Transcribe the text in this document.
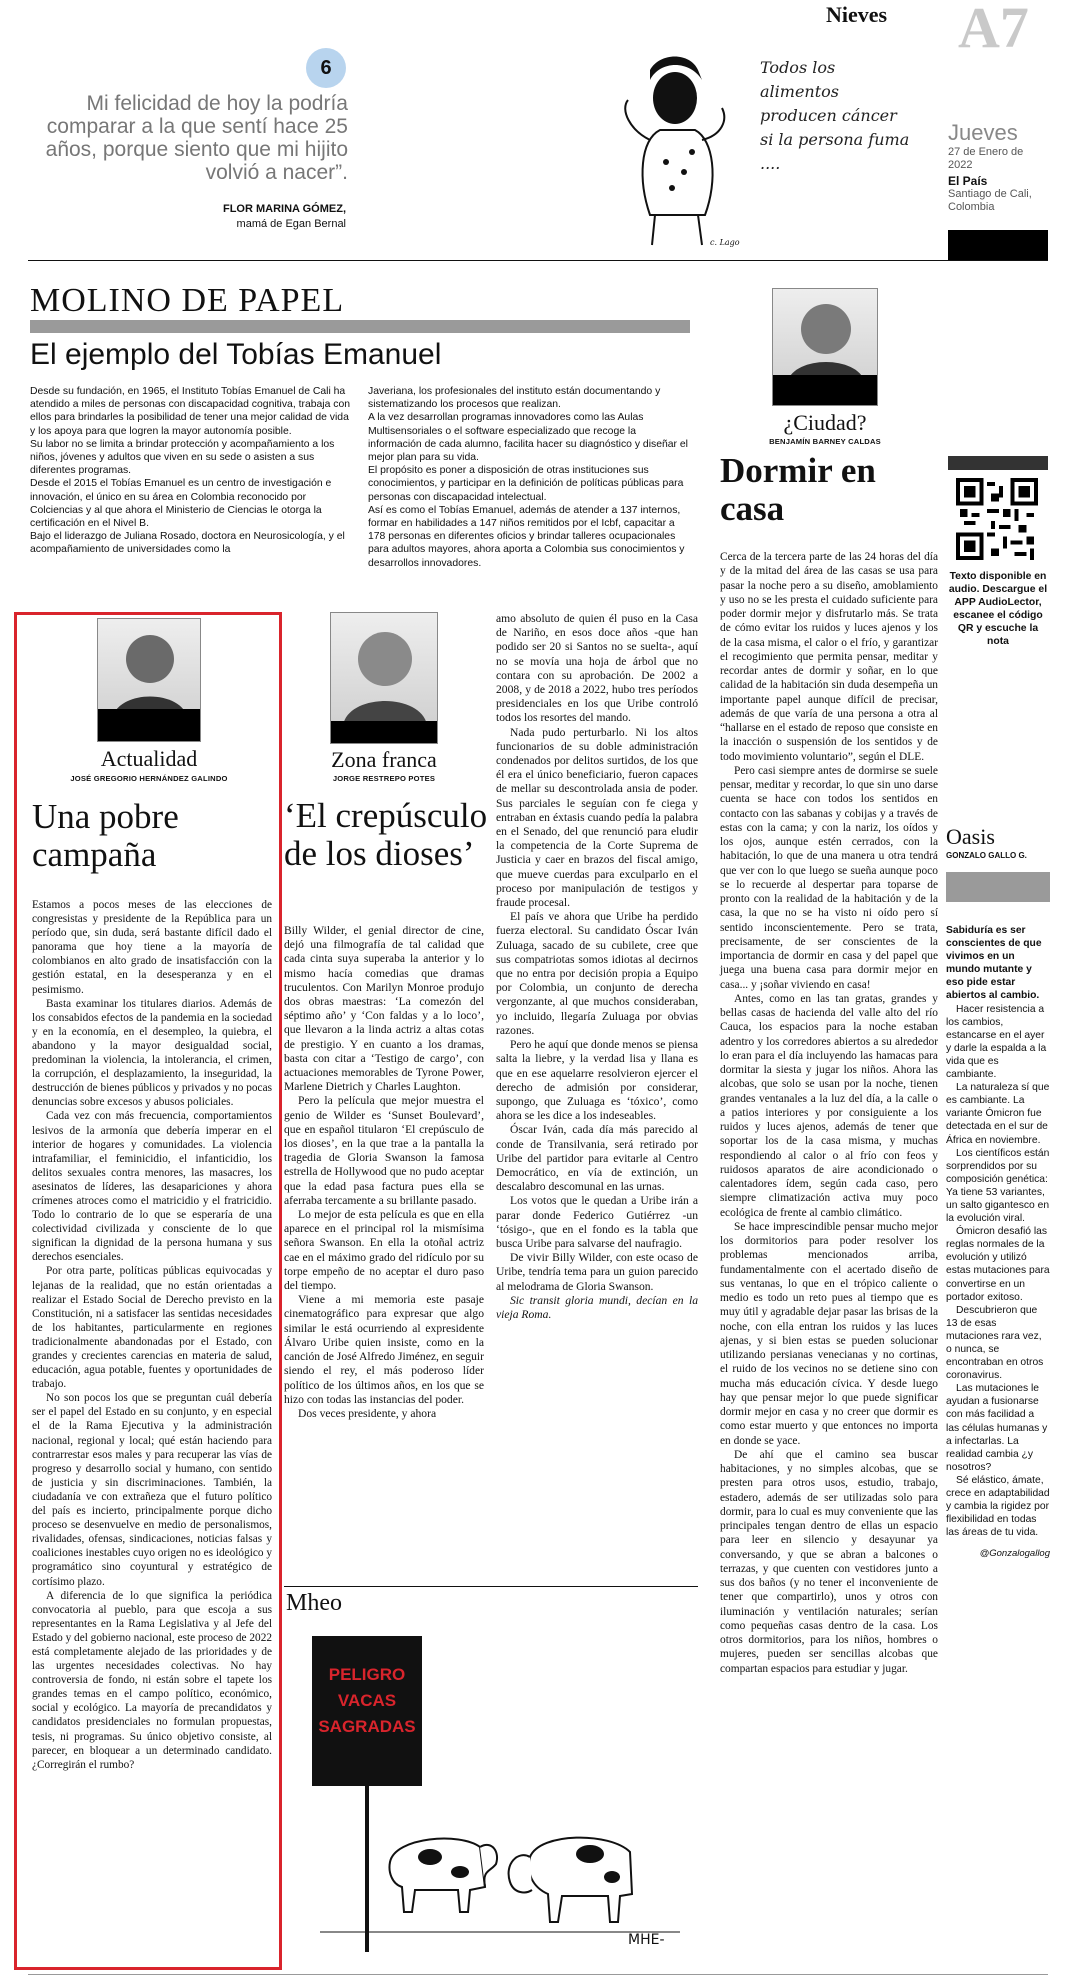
Nieves A7
Jueves
27 de Enero de 2022
El País
Santiago de Cali, Colombia
6
Mi felicidad de hoy la podría comparar a la que sentí hace 25 años, porque siento que mi hijito volvió a nacer”.
FLOR MARINA GÓMEZ,
mamá de Egan Bernal
Todos los alimentos producen cáncer si la persona fuma ....
c. Lago
MOLINO DE PAPEL
El ejemplo del Tobías Emanuel

Desde su fundación, en 1965, el Instituto Tobías Emanuel de Cali ha atendido a miles de personas con discapacidad cognitiva, trabaja con ellos para brindarles la posibilidad de tener una mejor calidad de vida y los apoya para que logren la mayor autonomía posible.

Su labor no se limita a brindar protección y acompañamiento a los niños, jóvenes y adultos que viven en su sede o asisten a sus diferentes programas.

Desde el 2015 el Tobías Emanuel es un centro de investigación e innovación, el único en su área en Colombia reconocido por Colciencias y al que ahora el Ministerio de Ciencias le otorga la certificación en el Nivel B.

Bajo el liderazgo de Juliana Rosado, doctora en Neurosicología, y el acompañamiento de universidades como la

Javeriana, los profesionales del instituto están documentando y sistematizando los procesos que realizan.

A la vez desarrollan programas innovadores como las Aulas Multisensoriales o el software especializado que recoge la información de cada alumno, facilita hacer su diagnóstico y diseñar el mejor plan para su vida.

El propósito es poner a disposición de otras instituciones sus conocimientos, y participar en la definición de políticas públicas para personas con discapacidad intelectual.

Así es como el Tobías Emanuel, además de atender a 137 internos, formar en habilidades a 147 niños remitidos por el Icbf, capacitar a 178 personas en diferentes oficios y brindar talleres ocupacionales para adultos mayores, ahora aporta a Colombia sus conocimientos y desarrollos innovadores.

Actualidad
JOSÉ GREGORIO HERNÁNDEZ GALINDO
Una pobre campaña

Estamos a pocos meses de las elecciones de congresistas y presidente de la República para un período que, sin duda, será bastante difícil dado el panorama que hoy tiene a la mayoría de colombianos en alto grado de insatisfacción con la gestión estatal, en la desesperanza y en el pesimismo.

Basta examinar los titulares diarios. Además de los consabidos efectos de la pandemia en la sociedad y en la economía, en el desempleo, la quiebra, el abandono y la mayor desigualdad social, predominan la violencia, la intolerancia, el crimen, la corrupción, el desplazamiento, la inseguridad, la destrucción de bienes públicos y privados y no pocas denuncias sobre excesos y abusos policiales.

Cada vez con más frecuencia, comportamientos lesivos de la armonía que debería imperar en el interior de hogares y comunidades. La violencia intrafamiliar, el feminicidio, el infanticidio, los delitos sexuales contra menores, las masacres, los asesinatos de líderes, las desapariciones y ahora crímenes atroces como el matricidio y el fratricidio. Todo lo contrario de lo que se esperaría de una colectividad civilizada y consciente de lo que significan la dignidad de la persona humana y sus derechos esenciales.

Por otra parte, políticas públicas equivocadas y lejanas de la realidad, que no están orientadas a realizar el Estado Social de Derecho previsto en la Constitución, ni a satisfacer las sentidas necesidades de los habitantes, particularmente en regiones tradicionalmente abandonadas por el Estado, con grandes y crecientes carencias en materia de salud, educación, agua potable, fuentes y oportunidades de trabajo.

No son pocos los que se preguntan cuál debería ser el papel del Estado en su conjunto, y en especial el de la Rama Ejecutiva y la administración nacional, regional y local; qué están haciendo para contrarrestar esos males y para recuperar las vías de progreso y desarrollo social y humano, con sentido de justicia y sin discriminaciones. También, la ciudadanía ve con extrañeza que el futuro político del país es incierto, principalmente porque dicho proceso se desenvuelve en medio de personalismos, rivalidades, ofensas, sindicaciones, noticias falsas y coaliciones inestables cuyo origen no es ideológico y programático sino coyuntural y estratégico de cortísimo plazo.

A diferencia de lo que significa la periódica convocatoria al pueblo, para que escoja a sus representantes en la Rama Legislativa y al Jefe del Estado y del gobierno nacional, este proceso de 2022 está completamente alejado de las prioridades y de las urgentes necesidades colectivas. No hay controversia de fondo, ni están sobre el tapete los grandes temas en el campo político, económico, social y ecológico. La mayoría de precandidatos y candidatos presidenciales no formulan propuestas, tesis, ni programas. Su único objetivo consiste, al parecer, en bloquear a un determinado candidato. ¿Corregirán el rumbo?

Zona franca
JORGE RESTREPO POTES
‘El crepúsculo de los dioses’

Billy Wilder, el genial director de cine, dejó una filmografía de tal calidad que cada cinta suya superaba la anterior y lo mismo hacía comedias que dramas truculentos. Con Marilyn Monroe produjo dos obras maestras: ‘La comezón del séptimo año’ y ‘Con faldas y a lo loco’, que llevaron a la linda actriz a altas cotas de prestigio. Y en cuanto a los dramas, basta con citar a ‘Testigo de cargo’, con actuaciones memorables de Tyrone Power, Marlene Dietrich y Charles Laughton.

Pero la película que mejor muestra el genio de Wilder es ‘Sunset Boulevard’, que en español titularon ‘El crepúsculo de los dioses’, en la que trae a la pantalla la tragedia de Gloria Swanson la famosa estrella de Hollywood que no pudo aceptar que la edad pasa factura pues ella se aferraba tercamente a su brillante pasado.

Lo mejor de esta película es que en ella aparece en el principal rol la mismísima señora Swanson. En ella la otoñal actriz cae en el máximo grado del ridículo por su torpe empeño de no aceptar el duro paso del tiempo.

Viene a mi memoria este pasaje cinematográfico para expresar que algo similar le está ocurriendo al expresidente Álvaro Uribe quien insiste, como en la canción de José Alfredo Jiménez, en seguir siendo el rey, el más poderoso líder político de los últimos años, en los que se hizo con todas las instancias del poder.

Dos veces presidente, y ahora

amo absoluto de quien él puso en la Casa de Nariño, en esos doce años -que han podido ser 20 si Santos no se suelta-, aquí no se movía una hoja de árbol que no contara con su aprobación. De 2002 a 2008, y de 2018 a 2022, hubo tres períodos presidenciales en los que Uribe controló todos los resortes del mando.

Nada pudo perturbarlo. Ni los altos funcionarios de su doble administración condenados por delitos surtidos, de los que él era el único beneficiario, fueron capaces de mellar su descontrolada ansia de poder. Sus parciales le seguían con fe ciega y entraban en éxtasis cuando pedía la palabra en el Senado, del que renunció para eludir la competencia de la Corte Suprema de Justicia y caer en brazos del fiscal amigo, que mueve cuerdas para exculparlo en el proceso por manipulación de testigos y fraude procesal.

El país ve ahora que Uribe ha perdido fuerza electoral. Su candidato Óscar Iván Zuluaga, sacado de su cubilete, cree que sus compatriotas somos idiotas al decirnos que no entra por decisión propia a Equipo por Colombia, un conjunto de derecha vergonzante, al que muchos consideraban, yo incluido, llegaría Zuluaga por obvias razones.

Pero he aquí que donde menos se piensa salta la liebre, y la verdad lisa y llana es que en ese aquelarre resolvieron ejercer el derecho de admisión por considerar, supongo, que Zuluaga es ‘tóxico’, como ahora se les dice a los indeseables.

Óscar Iván, cada día más parecido al conde de Transilvania, será retirado por Uribe del partidor para evitarle al Centro Democrático, en vía de extinción, un descalabro descomunal en las urnas.

Los votos que le quedan a Uribe irán a parar donde Federico Gutiérrez -un ‘tósigo-, que en el fondo es la tabla que busca Uribe para salvarse del naufragio.

De vivir Billy Wilder, con este ocaso de Uribe, tendría tema para un guion parecido al melodrama de Gloria Swanson.

Sic transit gloria mundi, decían en la vieja Roma.

Mheo
PELIGRO VACAS SAGRADAS
MHE-
¿Ciudad?
BENJAMÍN BARNEY CALDAS
Dormir en casa

Cerca de la tercera parte de las 24 horas del día y de la mitad del área de las casas se usa para pasar la noche pero a su diseño, amoblamiento y uso no se les presta el cuidado suficiente para poder dormir mejor y disfrutarlo más. Se trata de cómo evitar los ruidos y luces ajenos y los de la casa misma, el calor o el frío, y garantizar el recogimiento que permita pensar, meditar y recordar antes de dormir y soñar, en lo que calidad de la habitación sin duda desempeña un importante papel aunque difícil de precisar, además de que varía de una persona a otra al “hallarse en el estado de reposo que consiste en la inacción o suspensión de los sentidos y de todo movimiento voluntario”, según el DLE.

Pero casi siempre antes de dormirse se suele pensar, meditar y recordar, lo que sin uno darse cuenta se hace con todos los sentidos en contacto con las sabanas y cobijas y a través de estas con la cama; y con la nariz, los oídos y los ojos, aunque estén cerrados, con la habitación, lo que de una manera u otra tendrá que ver con lo que luego se sueña aunque poco se lo recuerde al despertar para toparse de pronto con la realidad de la habitación y de la casa, la que no se ha visto ni oído pero sí sentido inconscientemente. Pero se trata, precisamente, de ser conscientes de la importancia de dormir en casa y del papel que juega una buena casa para dormir mejor en casa... y ¡soñar viviendo en casa!

Antes, como en las tan gratas, grandes y bellas casas de hacienda del valle alto del río Cauca, los espacios para la noche estaban adentro y los corredores abiertos a su alrededor lo eran para el día incluyendo las hamacas para dormitar la siesta y jugar los niños. Ahora las alcobas, que solo se usan por la noche, tienen grandes ventanales a la luz del día, a la calle o a patios interiores y por consiguiente a los ruidos y luces ajenos, además de tener que soportar los de la casa misma, y muchas respondiendo al calor o al frío con feos y ruidosos aparatos de aire acondicionado o calentadores ídem, según cada caso, pero siempre climatización activa muy poco ecológica de frente al cambio climático.

Se hace imprescindible pensar mucho mejor los dormitorios para poder resolver los problemas mencionados arriba, fundamentalmente con el acertado diseño de sus ventanas, lo que en el trópico caliente o medio es todo un reto pues al tiempo que es muy útil y agradable dejar pasar las brisas de la noche, con ella entran los ruidos y las luces ajenas, y si bien estas se pueden solucionar utilizando persianas venecianas y no cortinas, el ruido de los vecinos no se detiene sino con mucha más educación cívica. Y desde luego hay que pensar mejor lo que puede significar dormir mejor en casa y no creer que dormir es como estar muerto y que entonces no importa en donde se yace.

De ahí que el camino sea buscar habitaciones, y no simples alcobas, que se presten para otros usos, estudio, trabajo, estadero, además de ser utilizadas solo para dormir, para lo cual es muy conveniente que las principales tengan dentro de ellas un espacio para leer en silencio y desayunar ya conversando, y que se abran a balcones o terrazas, y que cuenten con vestidores junto a sus dos baños (y no tener el inconveniente de tener que compartirlo), unos y otros con iluminación y ventilación naturales; serían como pequeñas casas dentro de la casa. Los otros dormitorios, para los niños, hombres o mujeres, pueden ser sencillas alcobas que compartan espacios para estudiar y jugar.

Texto disponible en audio. Descargue el APP AudioLector, escanee el código QR y escuche la nota
Oasis
GONZALO GALLO G.

Sabiduría es ser conscientes de que vivimos en un mundo mutante y eso pide estar abiertos al cambio.

Hacer resistencia a los cambios, estancarse en el ayer y darle la espalda a la vida que es cambiante.

La naturaleza sí que es cambiante. La variante Ómicron fue detectada en el sur de África en noviembre.

Los científicos están sorprendidos por su composición genética: Ya tiene 53 variantes, un salto gigantesco en la evolución viral.

Ómicron desafió las reglas normales de la evolución y utilizó estas mutaciones para convertirse en un portador exitoso.

Descubrieron que 13 de esas mutaciones rara vez, o nunca, se encontraban en otros coronavirus.

Las mutaciones le ayudan a fusionarse con más facilidad a las células humanas y a infectarlas. La realidad cambia ¿y nosotros?

Sé elástico, ámate, crece en adaptabilidad y cambia la rigidez por flexibilidad en todas las áreas de tu vida.

@Gonzalogallog
